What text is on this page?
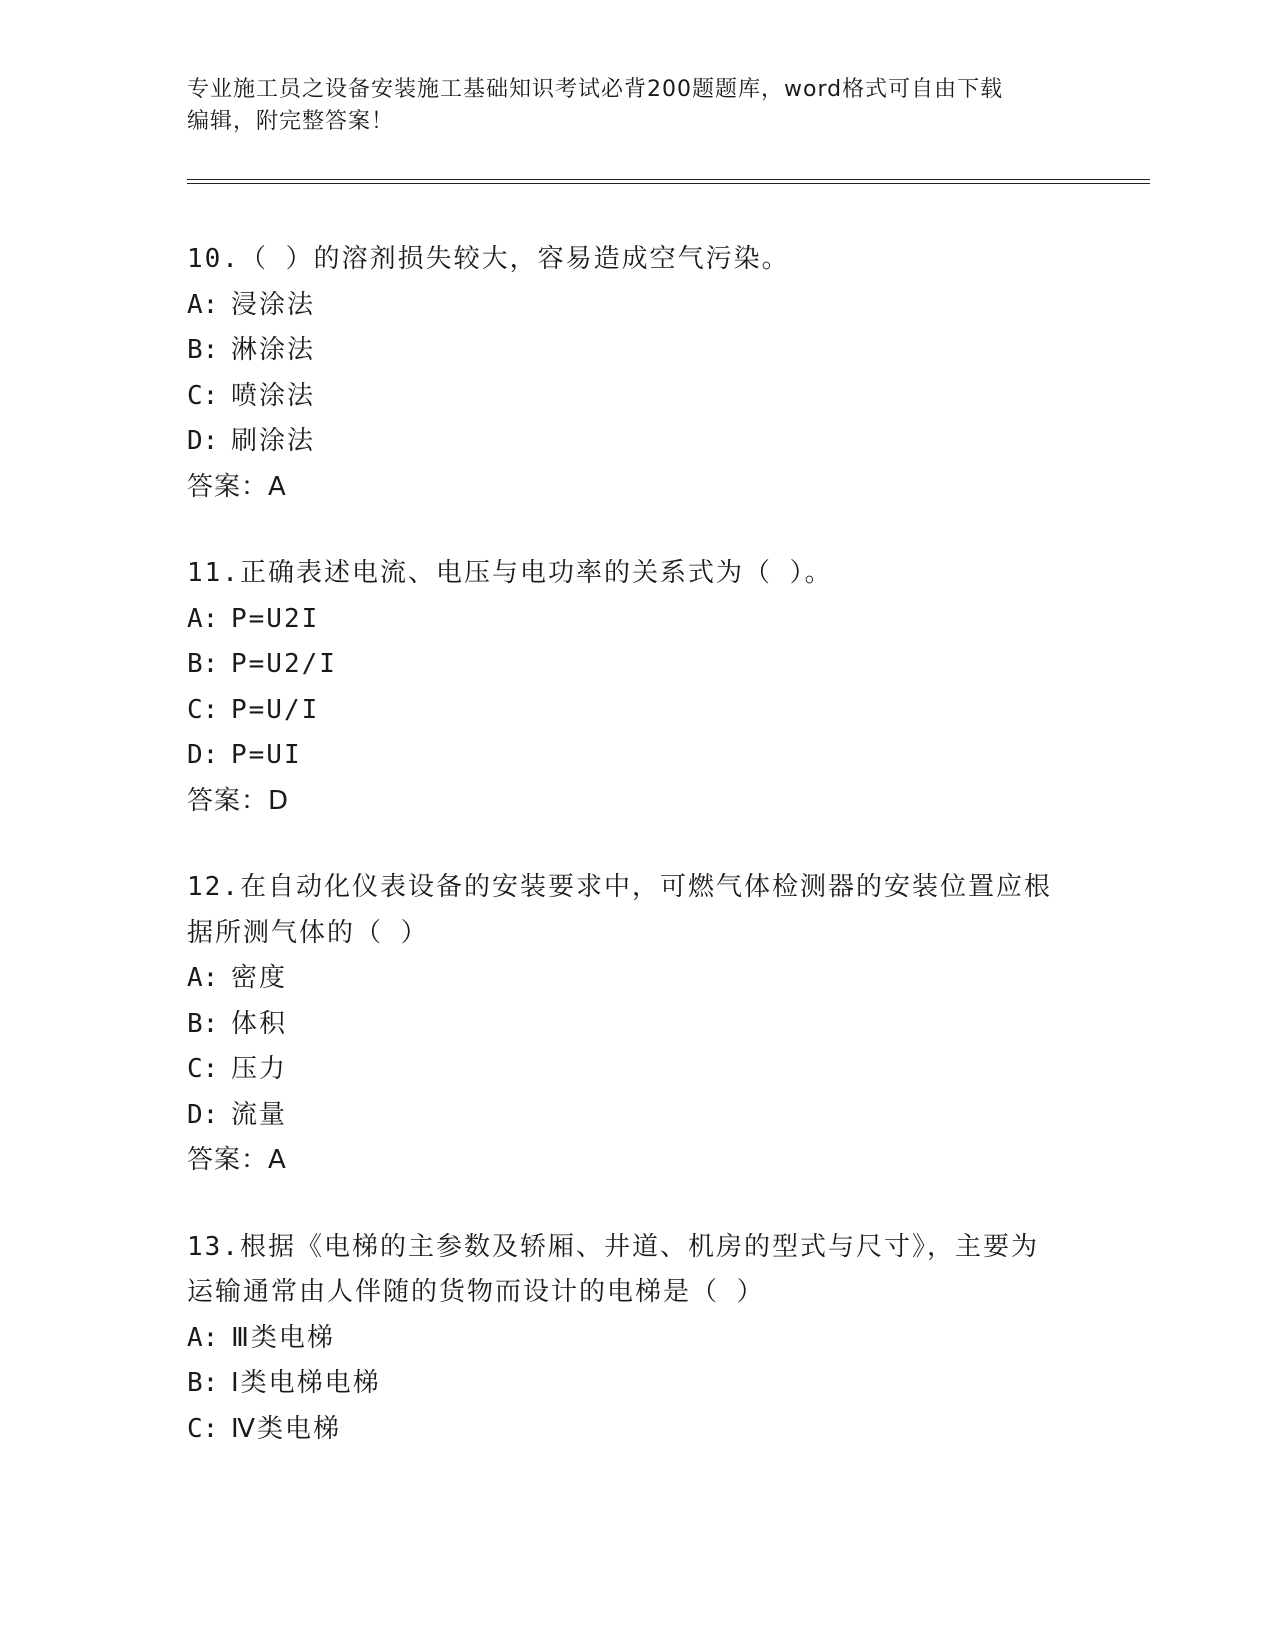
专业施工员之设备安装施工基础知识考试必背200题题库，word格式可自由下载
编辑，附完整答案！
10.（ ）的溶剂损失较大，容易造成空气污染。
A: 浸涂法
B: 淋涂法
C: 喷涂法
D: 刷涂法
答案：A
11.正确表述电流、电压与电功率的关系式为（ ）。
A: P=U2I
B: P=U2/I
C: P=U/I
D: P=UI
答案：D
12.在自动化仪表设备的安装要求中，可燃气体检测器的安装位置应根
据所测气体的（ ）
A: 密度
B: 体积
C: 压力
D: 流量
答案：A
13.根据《电梯的主参数及轿厢、井道、机房的型式与尺寸》，主要为
运输通常由人伴随的货物而设计的电梯是（ ）
A: Ⅲ类电梯
B: Ⅰ类电梯电梯
C: Ⅳ类电梯
